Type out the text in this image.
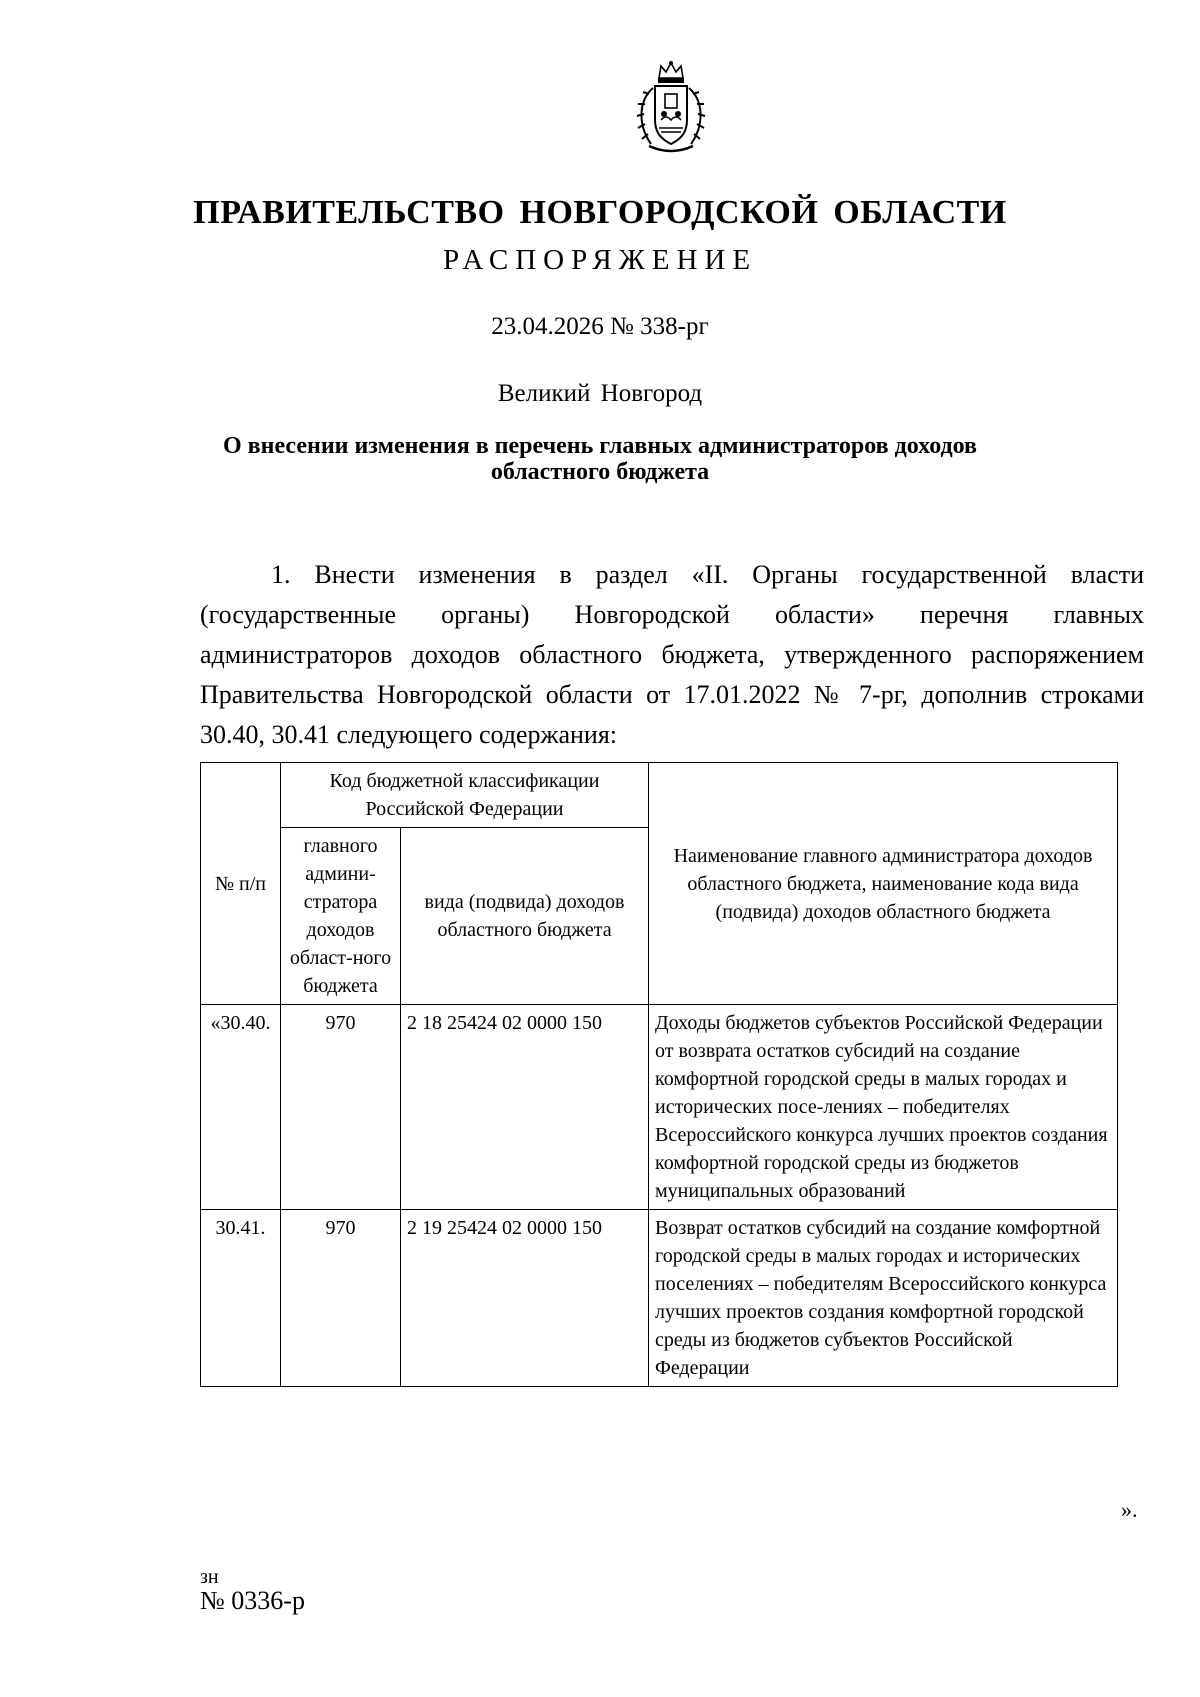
ПРАВИТЕЛЬСТВО НОВГОРОДСКОЙ ОБЛАСТИ
РАСПОРЯЖЕНИЕ
23.04.2026 № 338-рг
Великий Новгород
О внесении изменения в перечень главных администраторов доходов областного бюджета
1. Внести изменения в раздел «II. Органы государственной власти (государственные органы) Новгородской области» перечня главных администраторов доходов областного бюджета, утвержденного распоряжением Правительства Новгородской области от 17.01.2022 № 7-рг, дополнив строками 30.40, 30.41 следующего содержания:
№ п/п	Код бюджетной классификации Российской Федерации		Наименование главного администратора доходов областного бюджета, наименование кода вида (подвида) доходов областного бюджета
	главного админи-стратора доходов област-ного бюджета	вида (подвида) доходов областного бюджета	
«30.40.	970	2 18 25424 02 0000 150	Доходы бюджетов субъектов Российской Федерации от возврата остатков субсидий на создание комфортной городской среды в малых городах и исторических посе-лениях – победителях Всероссийского конкурса лучших проектов создания комфортной городской среды из бюджетов муниципальных образований
30.41.	970	2 19 25424 02 0000 150	Возврат остатков субсидий на создание комфортной городской среды в малых городах и исторических поселениях – победителям Всероссийского конкурса лучших проектов создания комфортной городской среды из бюджетов субъектов Российской Федерации
».
зн
№ 0336-р
